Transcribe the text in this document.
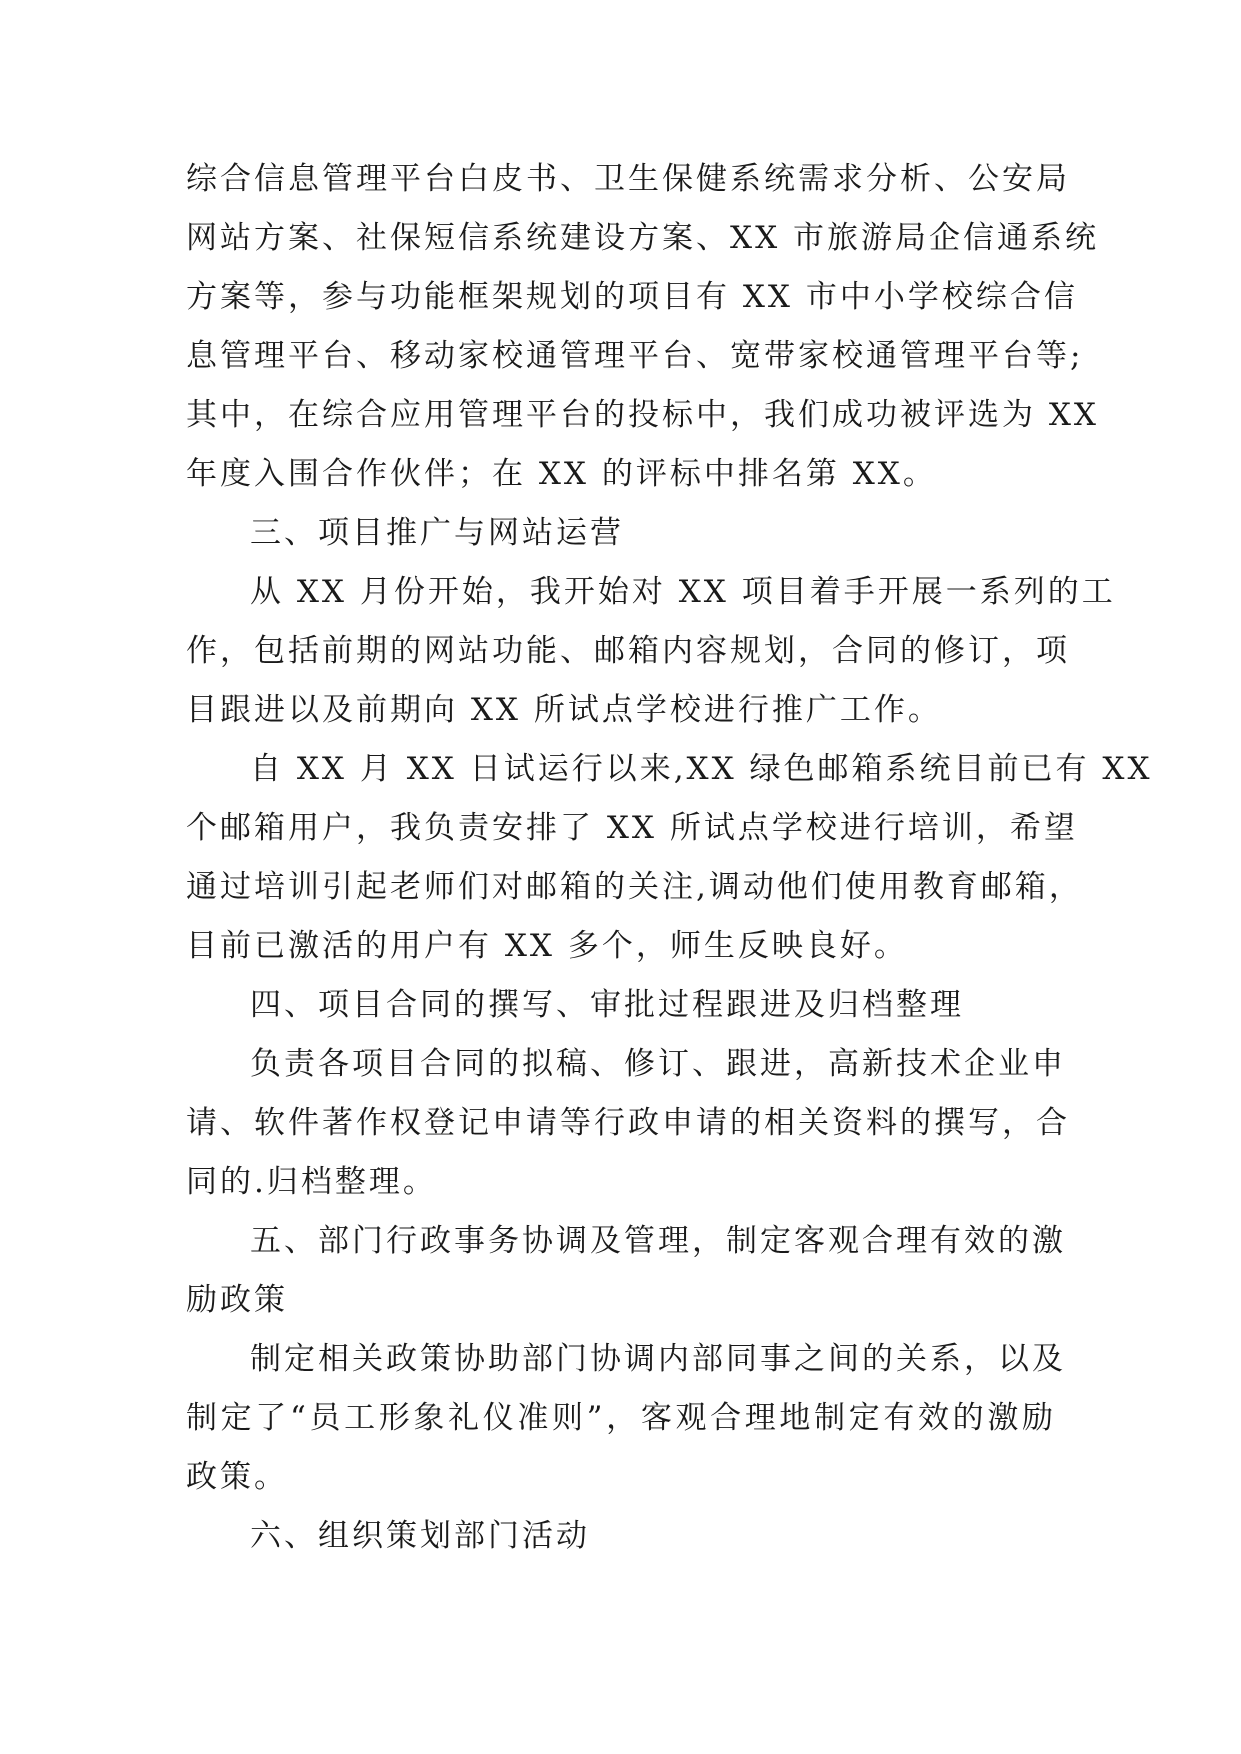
综合信息管理平台白皮书、卫生保健系统需求分析、公安局
网站方案、社保短信系统建设方案、XX 市旅游局企信通系统
方案等，参与功能框架规划的项目有 XX 市中小学校综合信
息管理平台、移动家校通管理平台、宽带家校通管理平台等;
其中，在综合应用管理平台的投标中，我们成功被评选为 XX
年度入围合作伙伴；在 XX 的评标中排名第 XX。
三、项目推广与网站运营
从 XX 月份开始，我开始对 XX 项目着手开展一系列的工
作，包括前期的网站功能、邮箱内容规划，合同的修订，项
目跟进以及前期向 XX 所试点学校进行推广工作。
自 XX 月 XX 日试运行以来,XX 绿色邮箱系统目前已有 XX
个邮箱用户，我负责安排了 XX 所试点学校进行培训，希望
通过培训引起老师们对邮箱的关注,调动他们使用教育邮箱，
目前已激活的用户有 XX 多个，师生反映良好。
四、项目合同的撰写、审批过程跟进及归档整理
负责各项目合同的拟稿、修订、跟进，高新技术企业申
请、软件著作权登记申请等行政申请的相关资料的撰写，合
同的.归档整理。
五、部门行政事务协调及管理，制定客观合理有效的激
励政策
制定相关政策协助部门协调内部同事之间的关系，以及
制定了“员工形象礼仪准则”，客观合理地制定有效的激励
政策。
六、组织策划部门活动
